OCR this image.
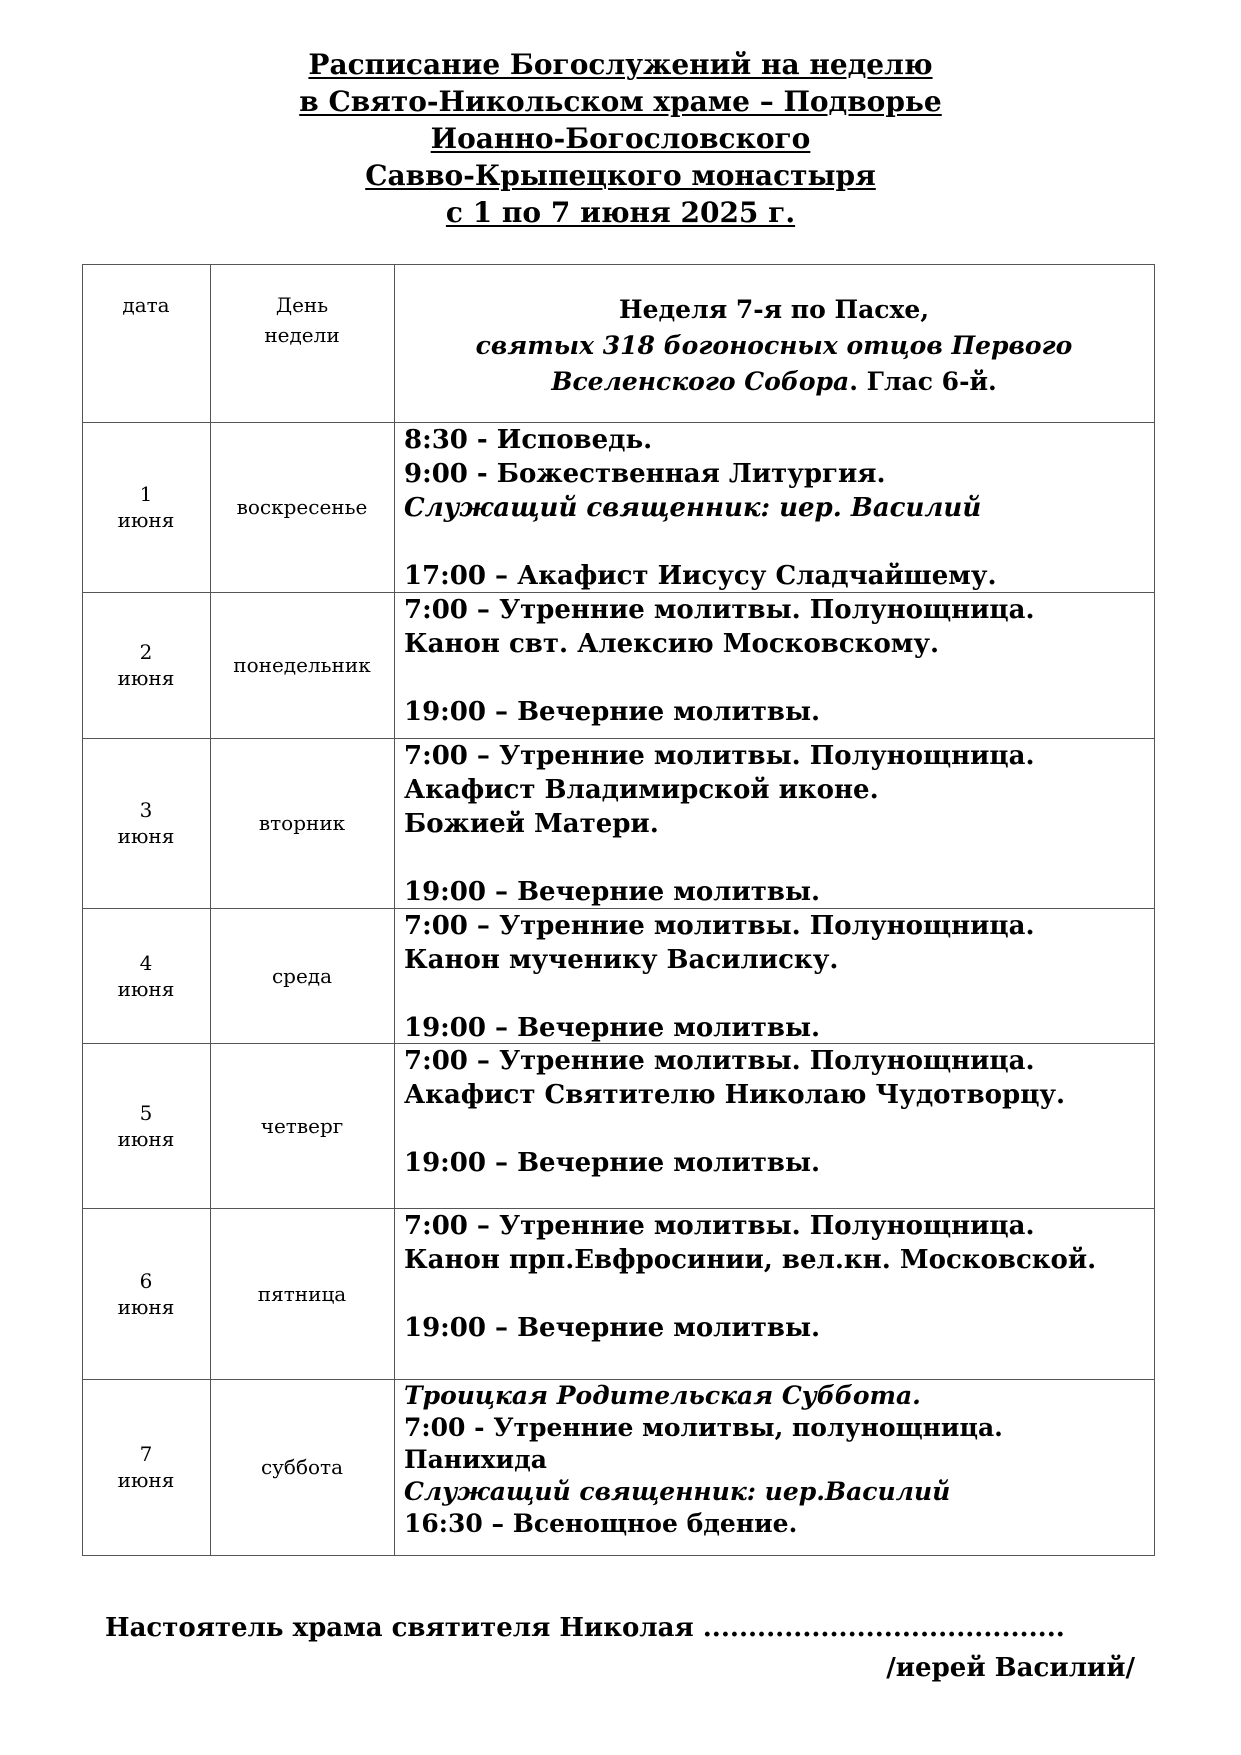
Расписание Богослужений на неделю
в Свято-Никольском храме – Подворье
Иоанно-Богословского
Савво-Крыпецкого монастыря
с 1 по 7 июня 2025 г.
дата	День
недели
Неделя 7-я по Пасхе,
святых 318 богоносных отцов Первого
Вселенского Собора. Глас 6-й.
1
июня
воскресенье
8:30 - Исповедь.
9:00 - Божественная Литургия.
Служащий священник: иер. Василий
17:00 – Акафист Иисусу Сладчайшему.
2
июня
понедельник
7:00 – Утренние молитвы. Полунощница.
Канон свт. Алексию Московскому.
19:00 – Вечерние молитвы.
3
июня
вторник
7:00 – Утренние молитвы. Полунощница.
Акафист Владимирской иконе.
Божией Матери.
19:00 – Вечерние молитвы.
4
июня
среда
7:00 – Утренние молитвы. Полунощница.
Канон мученику Василиску.
19:00 – Вечерние молитвы.
5
июня
четверг
7:00 – Утренние молитвы. Полунощница.
Акафист Святителю Николаю Чудотворцу.
19:00 – Вечерние молитвы.
6
июня
пятница
7:00 – Утренние молитвы. Полунощница.
Канон прп.Евфросинии, вел.кн. Московской.
19:00 – Вечерние молитвы.
7
июня
суббота
Троицкая Родительская Суббота.
7:00 - Утренние молитвы, полунощница.
Панихида
Служащий священник: иер.Василий
16:30 – Всенощное бдение.
Настоятель храма святителя Николая ........................................
/иерей Василий/
